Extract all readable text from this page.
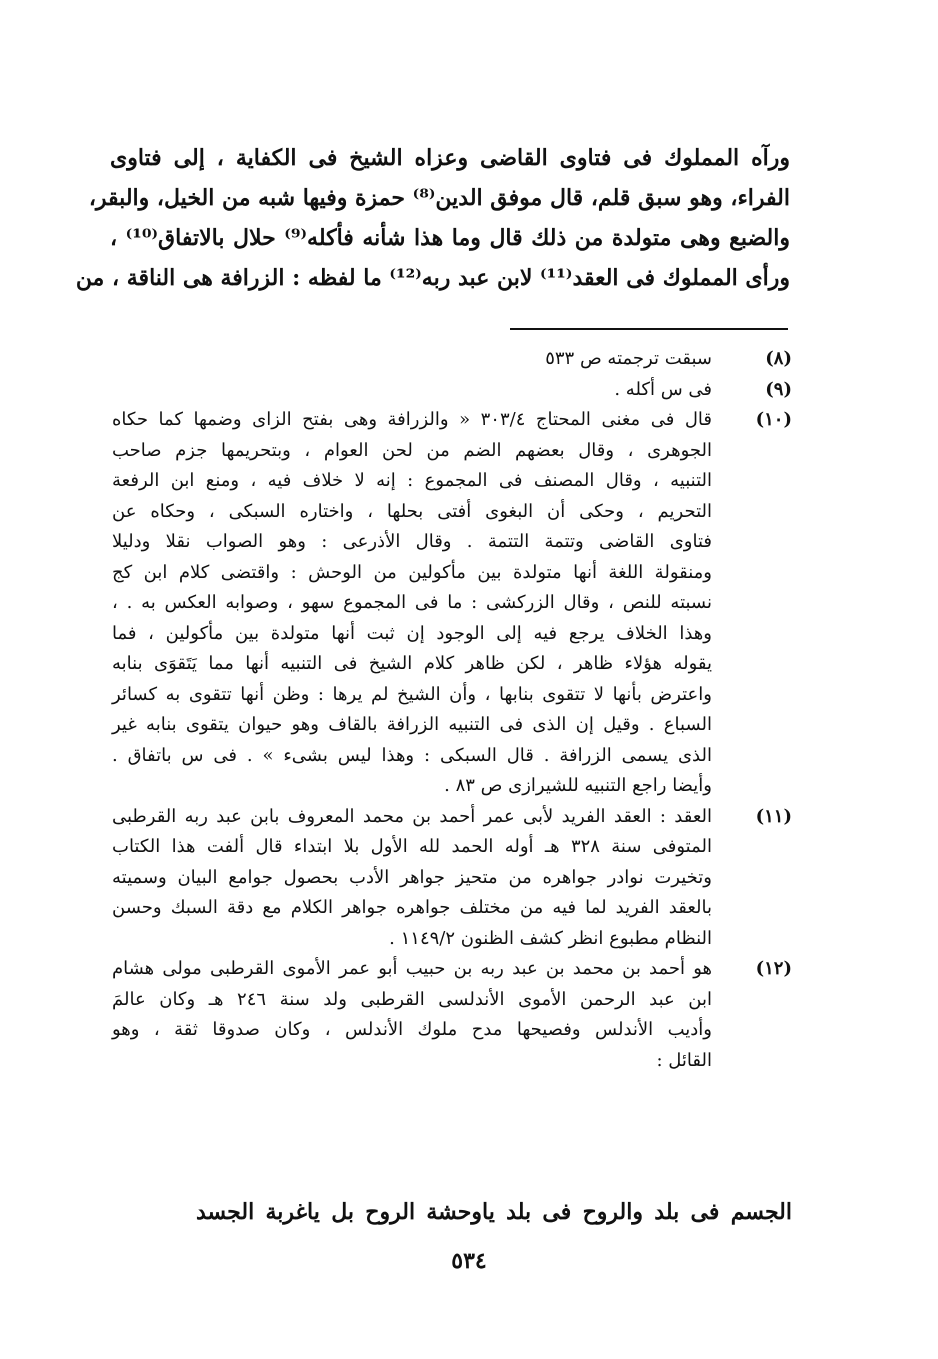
ورآه المملوك فى فتاوى القاضى وعزاه الشيخ فى الكفاية ، إلى فتاوى
الفراء، وهو سبق قلم، قال موفق الدين⁽⁸⁾ حمزة وفيها شبه من الخيل، والبقر،
والضبع وهى متولدة من ذلك قال وما هذا شأنه فأكله⁽⁹⁾ حلال بالاتفاق⁽¹⁰⁾ ،
ورأى المملوك فى العقد⁽¹¹⁾ لابن عبد ربه⁽¹²⁾ ما لفظه : الزرافة هى الناقة ، من
(٨)
سبقت ترجمته ص ٥٣٣
(٩)
فى س أكله .
(١٠)
قال فى مغنى المحتاج ٣٠٣/٤ « والزرافة وهى بفتح الزاى وضمها كما حكاه
الجوهرى ، وقال بعضهم الضم من لحن العوام ، وبتحريمها جزم صاحب
التنبيه ، وقال المصنف فى المجموع : إنه لا خلاف فيه ، ومنع ابن الرفعة
التحريم ، وحكى أن البغوى أفتى بحلها ، واختاره السبكى ، وحكاه عن
فتاوى القاضى وتتمة التتمة . وقال الأذرعى : وهو الصواب نقلا ودليلا
ومنقولة اللغة أنها متولدة بين مأكولين من الوحش : واقتضى كلام ابن كج
نسبته للنص ، وقال الزركشى : ما فى المجموع سهو ، وصوابه العكس به . ،
وهذا الخلاف يرجع فيه إلى الوجود إن ثبت أنها متولدة بين مأكولين ، فما
يقوله هؤلاء ظاهر ، لكن ظاهر كلام الشيخ فى التنبيه أنها مما يَتَقوَى بنابه
واعترض بأنها لا تتقوى بنابها ، وأن الشيخ لم يرها : وظن أنها تتقوى به كسائر
السباع . وقيل إن الذى فى التنبيه الزرافة بالقاف وهو حيوان يتقوى بنابه غير
الذى يسمى الزرافة . قال السبكى : وهذا ليس بشىء » . فى س باتفاق .
وأيضا راجع التنبيه للشيرازى ص ٨٣ .
(١١)
العقد : العقد الفريد لأبى عمر أحمد بن محمد المعروف بابن عبد ربه القرطبى
المتوفى سنة ٣٢٨ هـ أوله الحمد لله الأول بلا ابتداء قال ألفت هذا الكتاب
وتخيرت نوادر جواهره من متحيز جواهر الأدب بحصول جوامع البيان وسميته
بالعقد الفريد لما فيه من مختلف جواهره جواهر الكلام مع دقة السبك وحسن
النظام مطبوع انظر كشف الظنون ١١٤٩/٢ .
(١٢)
هو أحمد بن محمد بن عبد ربه بن حبيب أبو عمر الأموى القرطبى مولى هشام
ابن عبد الرحمن الأموى الأندلسى القرطبى ولد سنة ٢٤٦ هـ وكان عالمَ
وأديب الأندلس وفصيحها مدح ملوك الأندلس ، وكان صدوقا ثقة ، وهو
القائل :
الجسم فى بلد والروح فى بلد ياوحشة الروح بل ياغربة الجسد
٥٣٤
